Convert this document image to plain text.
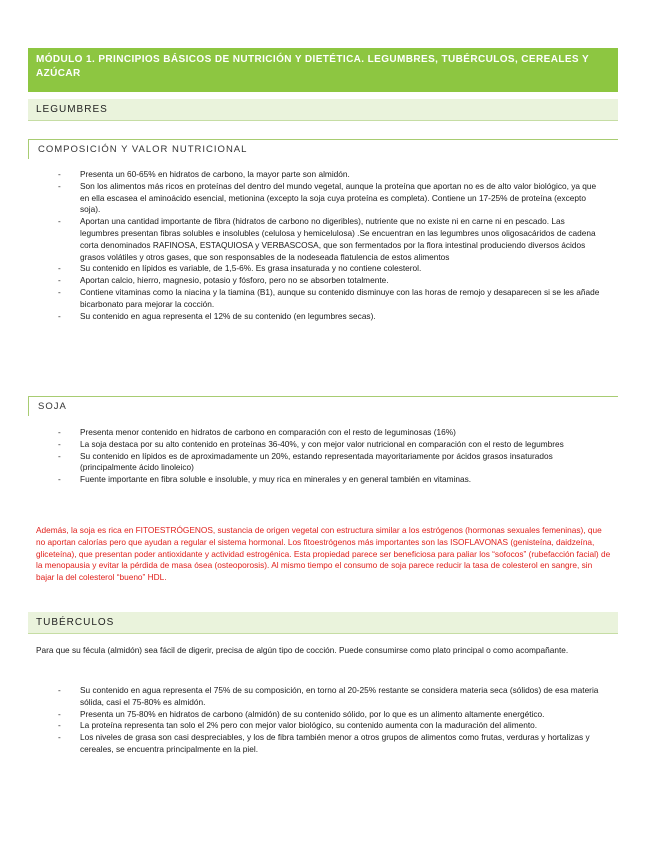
MÓDULO 1. PRINCIPIOS BÁSICOS DE NUTRICIÓN Y DIETÉTICA. LEGUMBRES, TUBÉRCULOS, CEREALES Y AZÚCAR
LEGUMBRES
COMPOSICIÓN Y VALOR NUTRICIONAL
- Presenta un 60-65% en hidratos de carbono, la mayor parte son almidón.
- Son los alimentos más ricos en proteínas del dentro del mundo vegetal, aunque la proteína que aportan no es de alto valor biológico, ya que en ella escasea el aminoácido esencial, metionina (excepto la soja cuya proteína es completa). Contiene un 17-25% de proteína (excepto soja).
- Aportan una cantidad importante de fibra (hidratos de carbono no digeribles), nutriente que no existe ni en carne ni en pescado. Las legumbres presentan fibras solubles e insolubles (celulosa y hemicelulosa) .Se encuentran en las legumbres unos oligosacáridos de cadena corta denominados RAFINOSA, ESTAQUIOSA y VERBASCOSA, que son fermentados por la flora intestinal produciendo diversos ácidos grasos volátiles y otros gases, que son responsables de la nodeseada flatulencia de estos alimentos
- Su contenido en lípidos es variable, de 1,5-6%. Es grasa insaturada y no contiene colesterol.
- Aportan calcio, hierro, magnesio, potasio y fósforo, pero no se absorben totalmente.
- Contiene vitaminas como la niacina y la tiamina (B1), aunque su contenido disminuye con las horas de remojo y desaparecen si se les añade bicarbonato para mejorar la cocción.
- Su contenido en agua representa el 12% de su contenido (en legumbres secas).
SOJA
- Presenta menor contenido en hidratos de carbono en comparación con el resto de leguminosas (16%)
- La soja destaca por su alto contenido en proteínas 36-40%, y con mejor valor nutricional en comparación con el resto de legumbres
- Su contenido en lípidos es de aproximadamente un 20%, estando representada mayoritariamente por ácidos grasos insaturados (principalmente ácido linoleico)
- Fuente importante en fibra soluble e insoluble, y muy rica en minerales y en general también en vitaminas.
Además, la soja es rica en FITOESTRÓGENOS, sustancia de origen vegetal con estructura similar a los estrógenos (hormonas sexuales femeninas), que no aportan calorías pero que ayudan a regular el sistema hormonal. Los fitoestrógenos más importantes son las ISOFLAVONAS (genisteína, daidzeína, gliceteína), que presentan poder antioxidante y actividad estrogénica. Esta propiedad parece ser beneficiosa para paliar los “sofocos” (rubefacción facial) de la menopausia y evitar la pérdida de masa ósea (osteoporosis). Al mismo tiempo el consumo de soja parece reducir la tasa de colesterol en sangre, sin bajar la del colesterol “bueno” HDL.
TUBÉRCULOS
Para que su fécula (almidón) sea fácil de digerir, precisa de algún tipo de cocción. Puede consumirse como plato principal o como acompañante.
- Su contenido en agua representa el 75% de su composición, en torno al 20-25% restante se considera materia seca (sólidos) de esa materia sólida, casi el 75-80% es almidón.
- Presenta un 75-80% en hidratos de carbono (almidón) de su contenido sólido, por lo que es un alimento altamente energético.
- La proteína representa tan solo el 2% pero con mejor valor biológico, su contenido aumenta con la maduración del alimento.
- Los niveles de grasa son casi despreciables, y los de fibra también menor a otros grupos de alimentos como frutas, verduras y hortalizas y cereales, se encuentra principalmente en la piel.
